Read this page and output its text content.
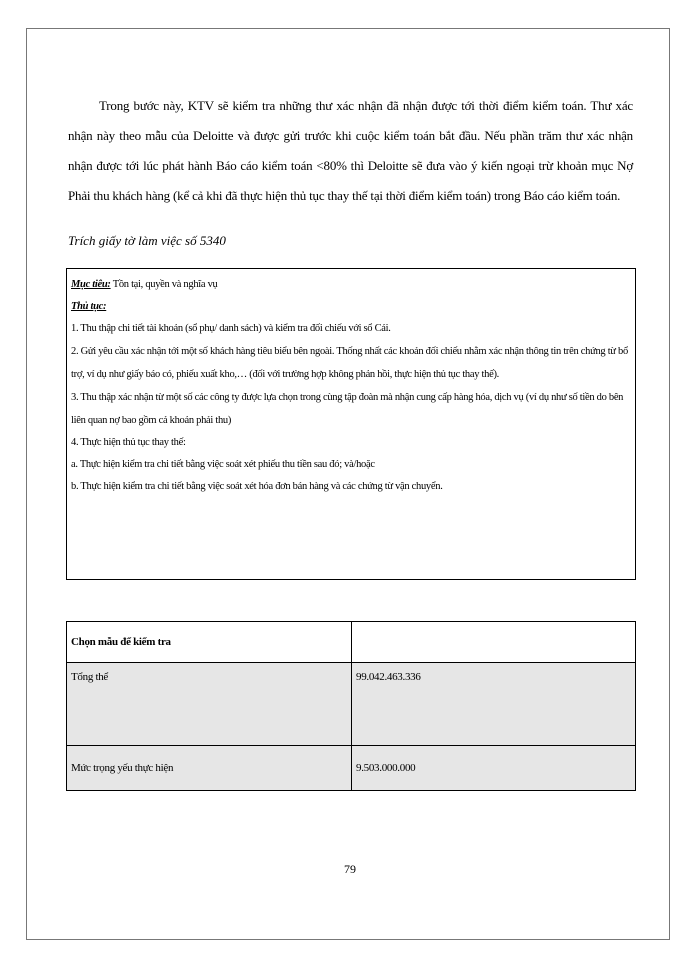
Trong bước này, KTV sẽ kiểm tra những thư xác nhận đã nhận được tới thời điểm kiểm toán. Thư xác nhận này theo mẫu của Deloitte và được gửi trước khi cuộc kiểm toán bắt đầu. Nếu phần trăm thư xác nhận nhận được tới lúc phát hành Báo cáo kiểm toán <80% thì Deloitte sẽ đưa vào ý kiến ngoại trừ khoản mục Nợ Phải thu khách hàng (kể cả khi đã thực hiện thủ tục thay thế tại thời điểm kiểm toán) trong Báo cáo kiểm toán.

Trích giấy tờ làm việc số 5340

Mục tiêu: Tồn tại, quyền và nghĩa vụ

Thủ tục:

1. Thu thập chi tiết tài khoản (sổ phụ/ danh sách) và kiểm tra đối chiếu với sổ Cái.

2. Gửi yêu cầu xác nhận tới một số khách hàng tiêu biểu bên ngoài. Thống nhất các khoản đối chiếu nhằm xác nhận thông tin trên chứng từ bổ trợ, ví dụ như giấy báo có, phiếu xuất kho,… (đối với trường hợp không phản hồi, thực hiện thủ tục thay thế).

3. Thu thập xác nhận từ một số các công ty được lựa chọn trong cùng tập đoàn mà nhận cung cấp hàng hóa, dịch vụ (ví dụ như số tiền do bên liên quan nợ bao gồm cả khoản phải thu)

4. Thực hiện thủ tục thay thế:

a. Thực hiện kiểm tra chi tiết bằng việc soát xét phiếu thu tiền sau đó; và/hoặc

b. Thực hiện kiểm tra chi tiết bằng việc soát xét hóa đơn bán hàng và các chứng từ vận chuyển.

Chọn mẫu để kiểm tra	
Tổng thể	99.042.463.336
Mức trọng yếu thực hiện	9.503.000.000
79
